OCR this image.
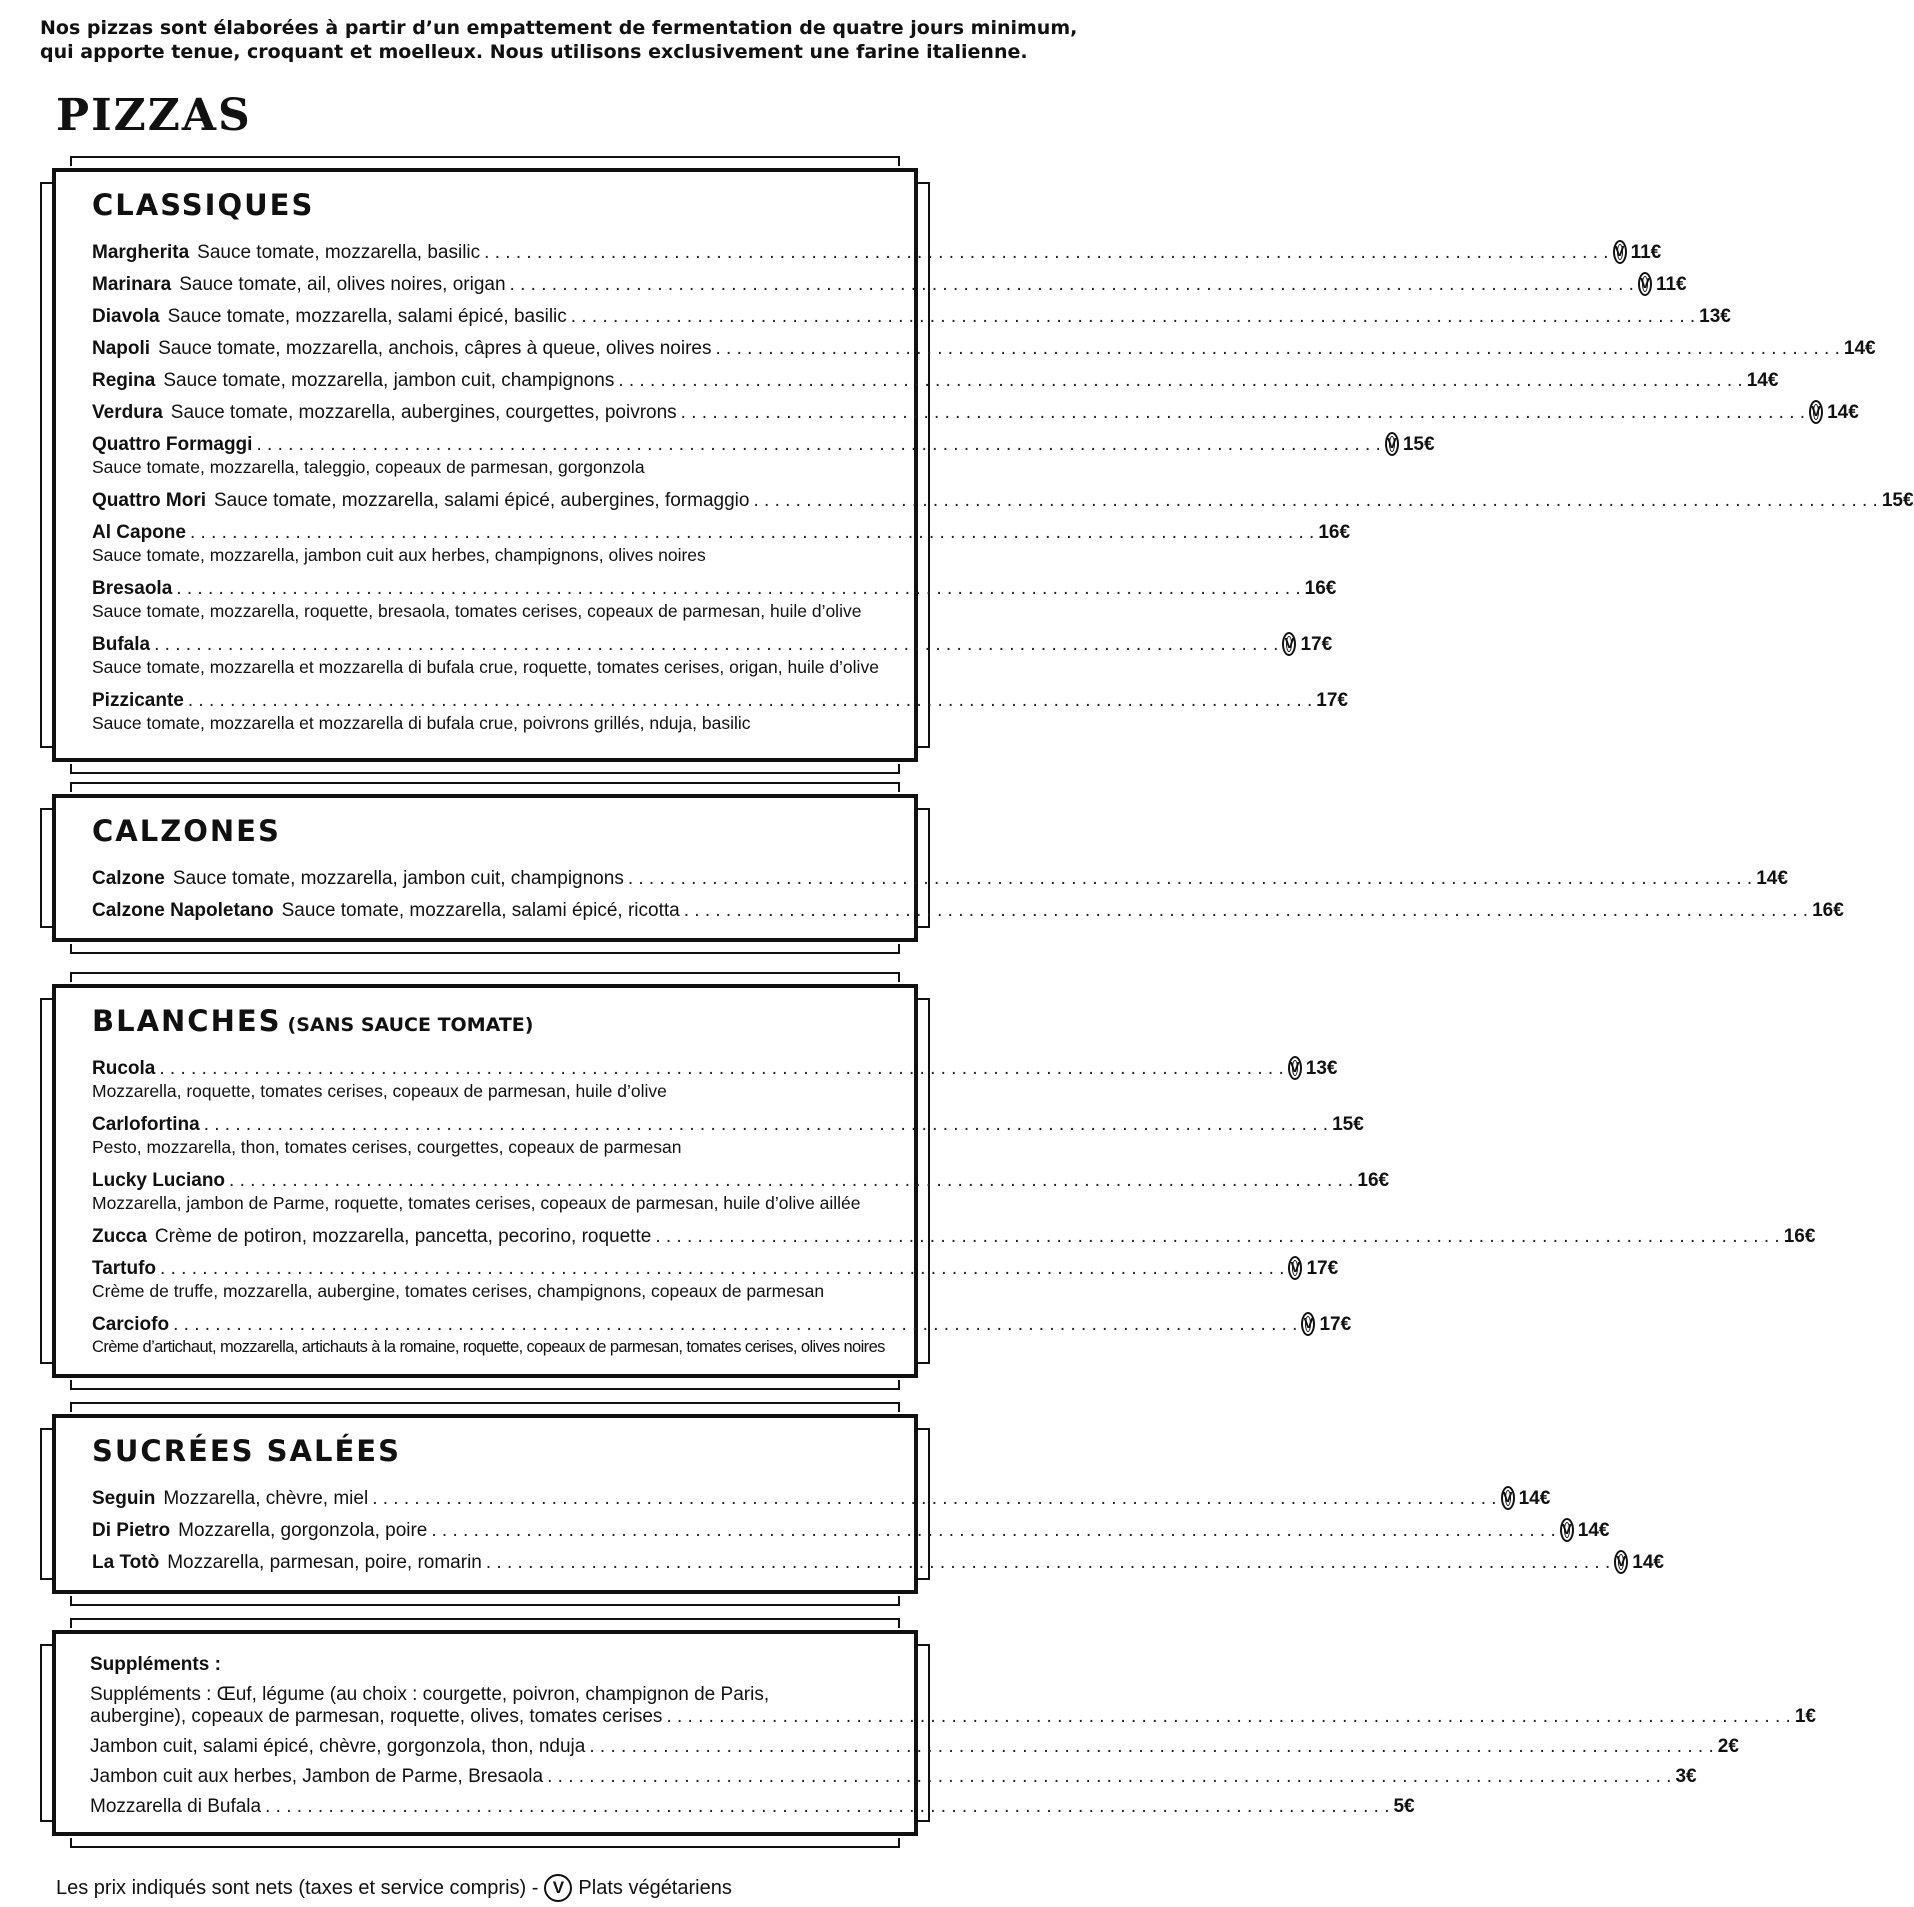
Nos pizzas sont élaborées à partir d’un empattement de fermentation de quatre jours minimum,
qui apporte tenue, croquant et moelleux. Nous utilisons exclusivement une farine italienne.
PIZZAS
CLASSIQUES
Margherita Sauce tomate, mozzarella, basilic . . .	V 11€
Marinara Sauce tomate, ail, olives noires, origan . . .	V 11€
Diavola Sauce tomate, mozzarella, salami épicé, basilic . . .	13€
Napoli Sauce tomate, mozzarella, anchois, câpres à queue, olives noires . . .	14€
Regina Sauce tomate, mozzarella, jambon cuit, champignons . . .	14€
Verdura Sauce tomate, mozzarella, aubergines, courgettes, poivrons . . .	V 14€
Quattro Formaggi . . .	V 15€
Sauce tomate, mozzarella, taleggio, copeaux de parmesan, gorgonzola
Quattro Mori Sauce tomate, mozzarella, salami épicé, aubergines, formaggio . . .	15€
Al Capone . . .	16€
Sauce tomate, mozzarella, jambon cuit aux herbes, champignons, olives noires
Bresaola . . .	16€
Sauce tomate, mozzarella, roquette, bresaola, tomates cerises, copeaux de parmesan, huile d’olive
Bufala . . .	V 17€
Sauce tomate, mozzarella et mozzarella di bufala crue, roquette, tomates cerises, origan, huile d’olive
Pizzicante . . .	17€
Sauce tomate, mozzarella et mozzarella di bufala crue, poivrons grillés, nduja, basilic
CALZONES
Calzone Sauce tomate, mozzarella, jambon cuit, champignons . . .	14€
Calzone Napoletano Sauce tomate, mozzarella, salami épicé, ricotta . . .	16€
BLANCHES (SANS SAUCE TOMATE)
Rucola . . .	V 13€
Mozzarella, roquette, tomates cerises, copeaux de parmesan, huile d’olive
Carlofortina . . .	15€
Pesto, mozzarella, thon, tomates cerises, courgettes, copeaux de parmesan
Lucky Luciano . . .	16€
Mozzarella, jambon de Parme, roquette, tomates cerises, copeaux de parmesan, huile d’olive aillée
Zucca Crème de potiron, mozzarella, pancetta, pecorino, roquette . . .	16€
Tartufo . . .	V 17€
Crème de truffe, mozzarella, aubergine, tomates cerises, champignons, copeaux de parmesan
Carciofo . . .	V 17€
Crème d’artichaut, mozzarella, artichauts à la romaine, roquette, copeaux de parmesan, tomates cerises, olives noires
SUCRÉES SALÉES
Seguin Mozzarella, chèvre, miel . . .	V 14€
Di Pietro Mozzarella, gorgonzola, poire . . .	V 14€
La Totò Mozzarella, parmesan, poire, romarin . . .	V 14€
Suppléments :
Suppléments : Œuf, légume (au choix : courgette, poivron, champignon de Paris,
aubergine), copeaux de parmesan, roquette, olives, tomates cerises . . .	1€
Jambon cuit, salami épicé, chèvre, gorgonzola, thon, nduja . . .	2€
Jambon cuit aux herbes, Jambon de Parme, Bresaola . . .	3€
Mozzarella di Bufala . . .	5€
Les prix indiqués sont nets (taxes et service compris) - V Plats végétariens
